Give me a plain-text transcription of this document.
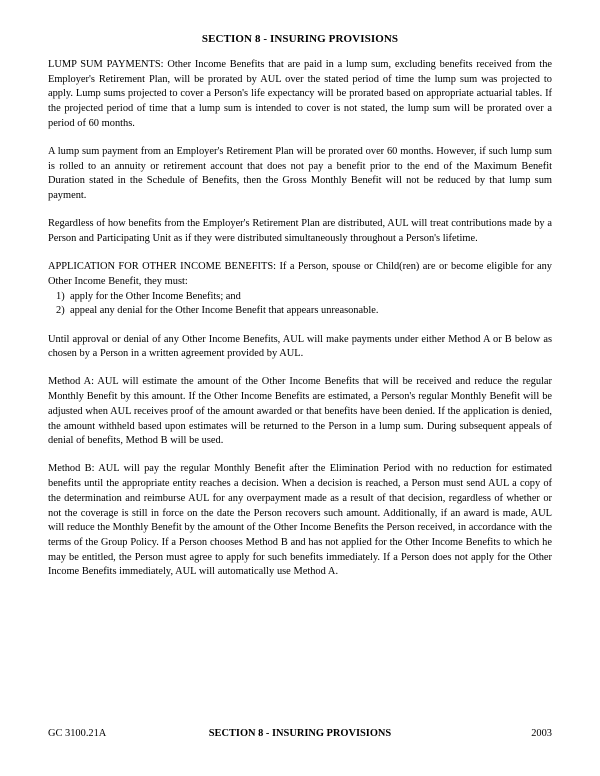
SECTION 8 - INSURING PROVISIONS

LUMP SUM PAYMENTS: Other Income Benefits that are paid in a lump sum, excluding benefits received from the Employer's Retirement Plan, will be prorated by AUL over the stated period of time the lump sum was projected to apply. Lump sums projected to cover a Person's life expectancy will be prorated based on appropriate actuarial tables. If the projected period of time that a lump sum is intended to cover is not stated, the lump sum will be prorated over a period of 60 months.

A lump sum payment from an Employer's Retirement Plan will be prorated over 60 months. However, if such lump sum is rolled to an annuity or retirement account that does not pay a benefit prior to the end of the Maximum Benefit Duration stated in the Schedule of Benefits, then the Gross Monthly Benefit will not be reduced by that lump sum payment.

Regardless of how benefits from the Employer's Retirement Plan are distributed, AUL will treat contributions made by a Person and Participating Unit as if they were distributed simultaneously throughout a Person's lifetime.

APPLICATION FOR OTHER INCOME BENEFITS: If a Person, spouse or Child(ren) are or become eligible for any Other Income Benefit, they must:

1) apply for the Other Income Benefits; and
2) appeal any denial for the Other Income Benefit that appears unreasonable.

Until approval or denial of any Other Income Benefits, AUL will make payments under either Method A or B below as chosen by a Person in a written agreement provided by AUL.

Method A: AUL will estimate the amount of the Other Income Benefits that will be received and reduce the regular Monthly Benefit by this amount. If the Other Income Benefits are estimated, a Person's regular Monthly Benefit will be adjusted when AUL receives proof of the amount awarded or that benefits have been denied. If the application is denied, the amount withheld based upon estimates will be returned to the Person in a lump sum. During subsequent appeals of denial of benefits, Method B will be used.

Method B: AUL will pay the regular Monthly Benefit after the Elimination Period with no reduction for estimated benefits until the appropriate entity reaches a decision. When a decision is reached, a Person must send AUL a copy of the determination and reimburse AUL for any overpayment made as a result of that decision, regardless of whether or not the coverage is still in force on the date the Person recovers such amount. Additionally, if an award is made, AUL will reduce the Monthly Benefit by the amount of the Other Income Benefits the Person received, in accordance with the terms of the Group Policy. If a Person chooses Method B and has not applied for the Other Income Benefits to which he may be entitled, the Person must agree to apply for such benefits immediately. If a Person does not apply for the Other Income Benefits immediately, AUL will automatically use Method A.

GC 3100.21A	SECTION 8 - INSURING PROVISIONS	2003
